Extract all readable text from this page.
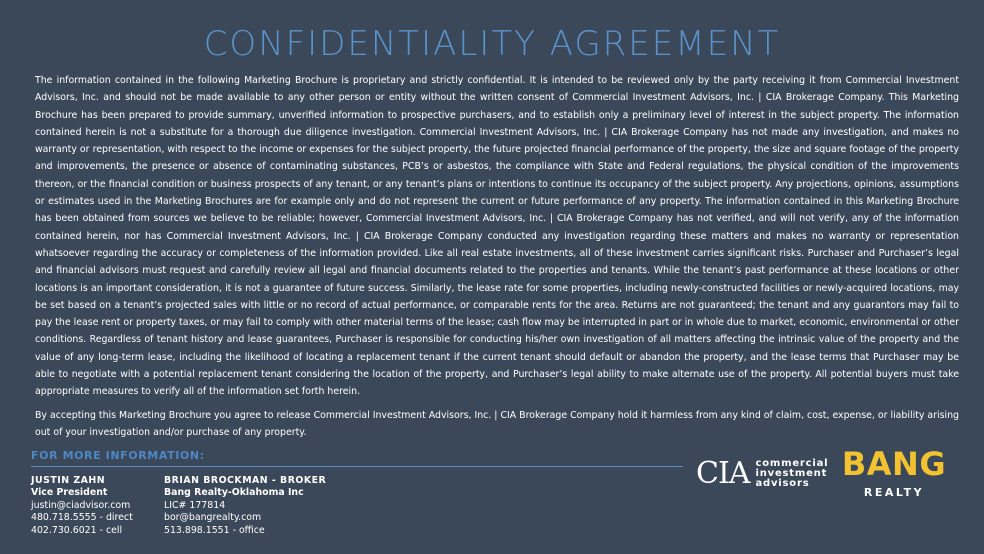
CONFIDENTIALITY AGREEMENT

The information contained in the following Marketing Brochure is proprietary and strictly confidential. It is intended to be reviewed only by the party receiving it from Commercial Investment Advisors, Inc. and should not be made available to any other person or entity without the written consent of Commercial Investment Advisors, Inc. | CIA Brokerage Company. This Marketing Brochure has been prepared to provide summary, unverified information to prospective purchasers, and to establish only a preliminary level of interest in the subject property. The information contained herein is not a substitute for a thorough due diligence investigation. Commercial Investment Advisors, Inc. | CIA Brokerage Company has not made any investigation, and makes no warranty or representation, with respect to the income or expenses for the subject property, the future projected financial performance of the property, the size and square footage of the property and improvements, the presence or absence of contaminating substances, PCB’s or asbestos, the compliance with State and Federal regulations, the physical condition of the improvements thereon, or the financial condition or business prospects of any tenant, or any tenant’s plans or intentions to continue its occupancy of the subject property. Any projections, opinions, assumptions or estimates used in the Marketing Brochures are for example only and do not represent the current or future performance of any property. The information contained in this Marketing Brochure has been obtained from sources we believe to be reliable; however, Commercial Investment Advisors, Inc. | CIA Brokerage Company has not verified, and will not verify, any of the information contained herein, nor has Commercial Investment Advisors, Inc. | CIA Brokerage Company conducted any investigation regarding these matters and makes no warranty or representation whatsoever regarding the accuracy or completeness of the information provided. Like all real estate investments, all of these investment carries significant risks. Purchaser and Purchaser’s legal and financial advisors must request and carefully review all legal and financial documents related to the properties and tenants. While the tenant’s past performance at these locations or other locations is an important consideration, it is not a guarantee of future success. Similarly, the lease rate for some properties, including newly-constructed facilities or newly-acquired locations, may be set based on a tenant’s projected sales with little or no record of actual performance, or comparable rents for the area. Returns are not guaranteed; the tenant and any guarantors may fail to pay the lease rent or property taxes, or may fail to comply with other material terms of the lease; cash flow may be interrupted in part or in whole due to market, economic, environmental or other conditions. Regardless of tenant history and lease guarantees, Purchaser is responsible for conducting his/her own investigation of all matters affecting the intrinsic value of the property and the value of any long-term lease, including the likelihood of locating a replacement tenant if the current tenant should default or abandon the property, and the lease terms that Purchaser may be able to negotiate with a potential replacement tenant considering the location of the property, and Purchaser’s legal ability to make alternate use of the property. All potential buyers must take appropriate measures to verify all of the information set forth herein.

By accepting this Marketing Brochure you agree to release Commercial Investment Advisors, Inc. | CIA Brokerage Company hold it harmless from any kind of claim, cost, expense, or liability arising out of your investigation and/or purchase of any property.

FOR MORE INFORMATION:
JUSTIN ZAHN
Vice President
justin@ciadvisor.com
480.718.5555 - direct
402.730.6021 - cell
BRIAN BROCKMAN - BROKER
Bang Realty-Oklahoma Inc
LIC# 177814
bor@bangrealty.com
513.898.1551 - office
CIA commercial
investment
advisors
BANG
REALTY
